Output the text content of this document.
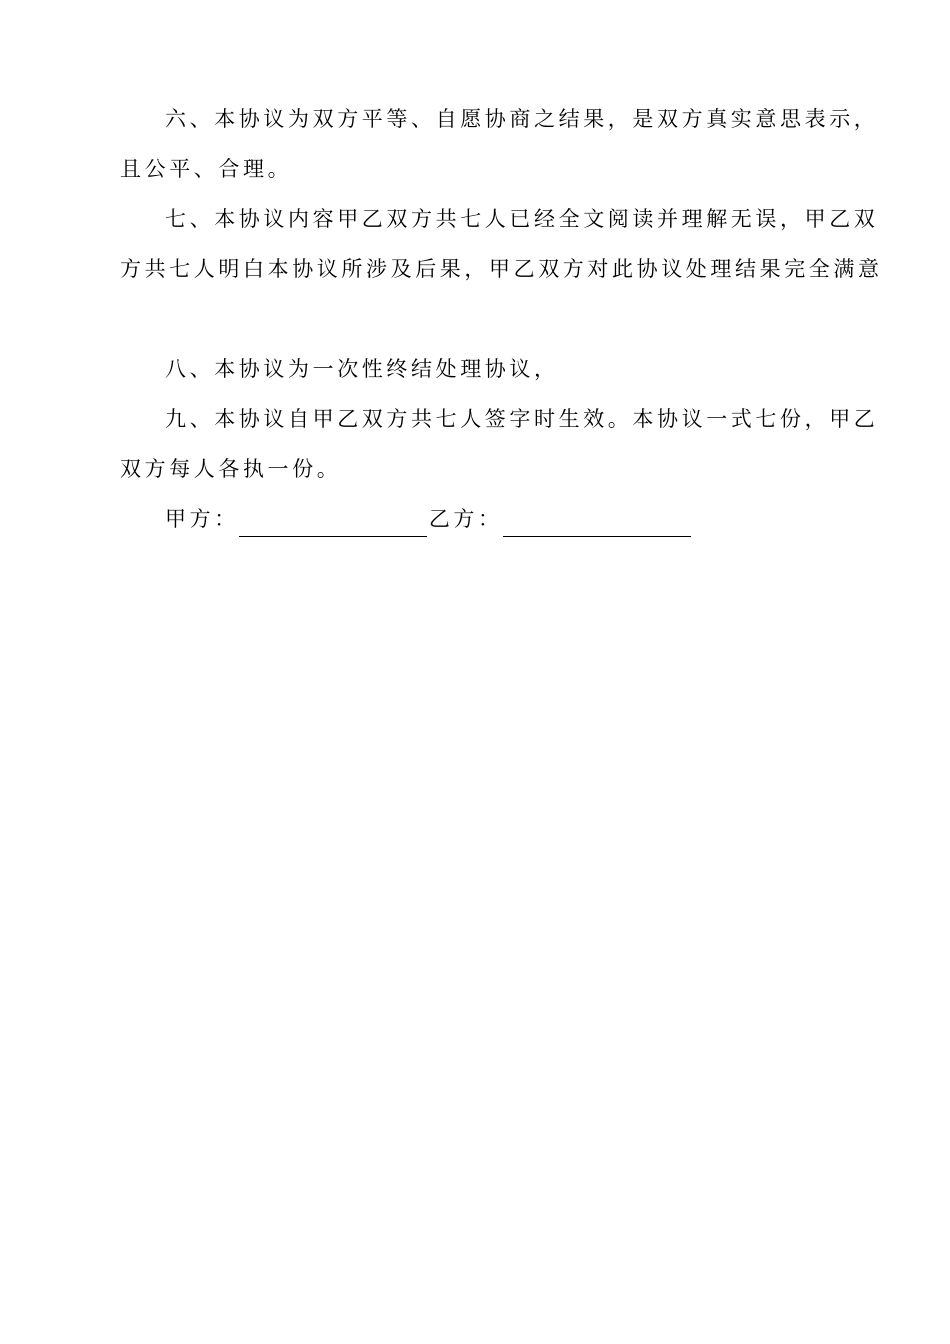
六、本协议为双方平等、自愿协商之结果，是双方真实意思表示，
且公平、合理。

七、本协议内容甲乙双方共七人已经全文阅读并理解无误，甲乙双
方共七人明白本协议所涉及后果，甲乙双方对此协议处理结果完全满意

八、本协议为一次性终结处理协议，

九、本协议自甲乙双方共七人签字时生效。本协议一式七份，甲乙
双方每人各执一份。

甲方：	乙方：
